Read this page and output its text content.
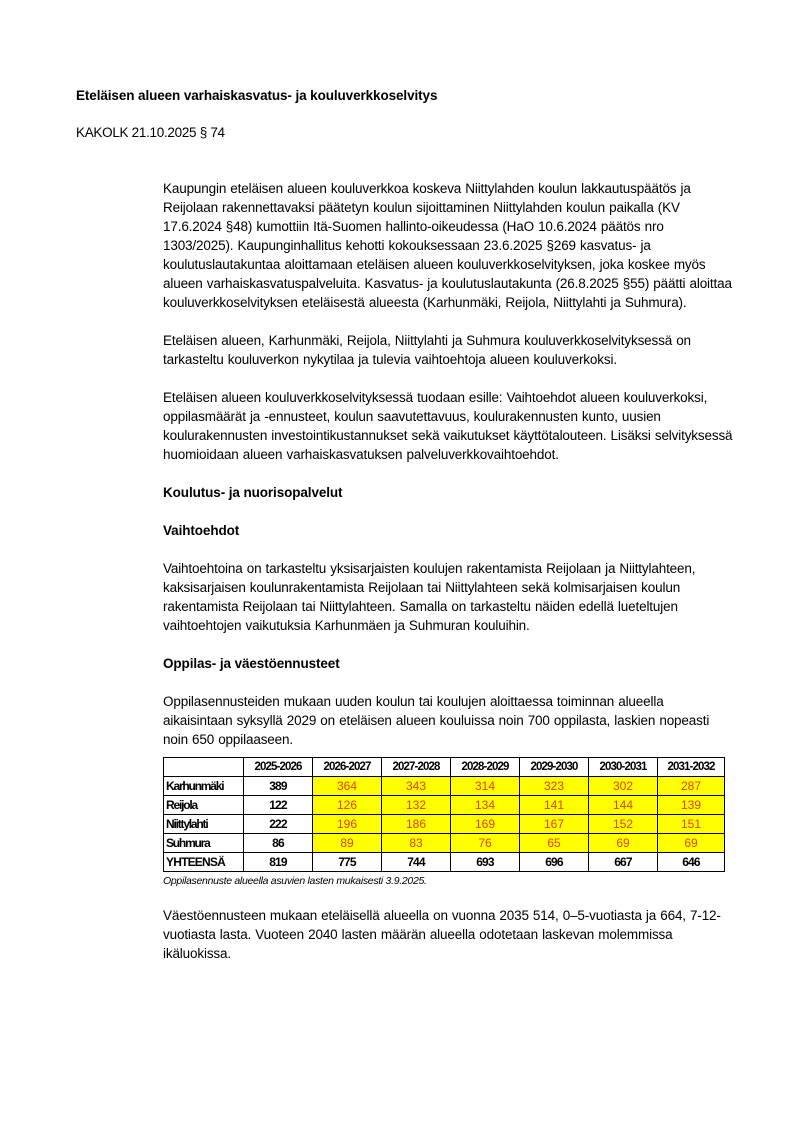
Eteläisen alueen varhaiskasvatus- ja kouluverkkoselvitys
KAKOLK 21.10.2025 § 74

Kaupungin eteläisen alueen kouluverkkoa koskeva Niittylahden koulun lakkautuspäätös ja Reijolaan rakennettavaksi päätetyn koulun sijoittaminen Niittylahden koulun paikalla (KV 17.6.2024 §48) kumottiin Itä-Suomen hallinto-oikeudessa (HaO 10.6.2024 päätös nro 1303/2025). Kaupunginhallitus kehotti kokouksessaan 23.6.2025 §269 kasvatus- ja koulutuslautakuntaa aloittamaan eteläisen alueen kouluverkkoselvityksen, joka koskee myös alueen varhaiskasvatuspalveluita. Kasvatus- ja koulutuslautakunta (26.8.2025 §55) päätti aloittaa kouluverkkoselvityksen eteläisestä alueesta (Karhunmäki, Reijola, Niittylahti ja Suhmura).

Eteläisen alueen, Karhunmäki, Reijola, Niittylahti ja Suhmura kouluverkkoselvityksessä on tarkasteltu kouluverkon nykytilaa ja tulevia vaihtoehtoja alueen kouluverkoksi.

Eteläisen alueen kouluverkkoselvityksessä tuodaan esille: Vaihtoehdot alueen kouluverkoksi, oppilasmäärät ja -ennusteet, koulun saavutettavuus, koulurakennusten kunto, uusien koulurakennusten investointikustannukset sekä vaikutukset käyttötalouteen. Lisäksi selvityksessä huomioidaan alueen varhaiskasvatuksen palveluverkkovaihtoehdot.

Koulutus- ja nuorisopalvelut
Vaihtoehdot

Vaihtoehtoina on tarkasteltu yksisarjaisten koulujen rakentamista Reijolaan ja Niittylahteen, kaksisarjaisen koulunrakentamista Reijolaan tai Niittylahteen sekä kolmisarjaisen koulun rakentamista Reijolaan tai Niittylahteen. Samalla on tarkasteltu näiden edellä lueteltujen vaihtoehtojen vaikutuksia Karhunmäen ja Suhmuran kouluihin.

Oppilas- ja väestöennusteet

Oppilasennusteiden mukaan uuden koulun tai koulujen aloittaessa toiminnan alueella aikaisintaan syksyllä 2029 on eteläisen alueen kouluissa noin 700 oppilasta, laskien nopeasti noin 650 oppilaaseen.

	2025-2026	2026-2027	2027-2028	2028-2029	2029-2030	2030-2031	2031-2032
Karhunmäki	389	364	343	314	323	302	287
Reijola	122	126	132	134	141	144	139
Niittylahti	222	196	186	169	167	152	151
Suhmura	86	89	83	76	65	69	69
YHTEENSÄ	819	775	744	693	696	667	646
Oppilasennuste alueella asuvien lasten mukaisesti 3.9.2025.

Väestöennusteen mukaan eteläisellä alueella on vuonna 2035 514, 0–5-vuotiasta ja 664, 7-12-vuotiasta lasta. Vuoteen 2040 lasten määrän alueella odotetaan laskevan molemmissa ikäluokissa.
